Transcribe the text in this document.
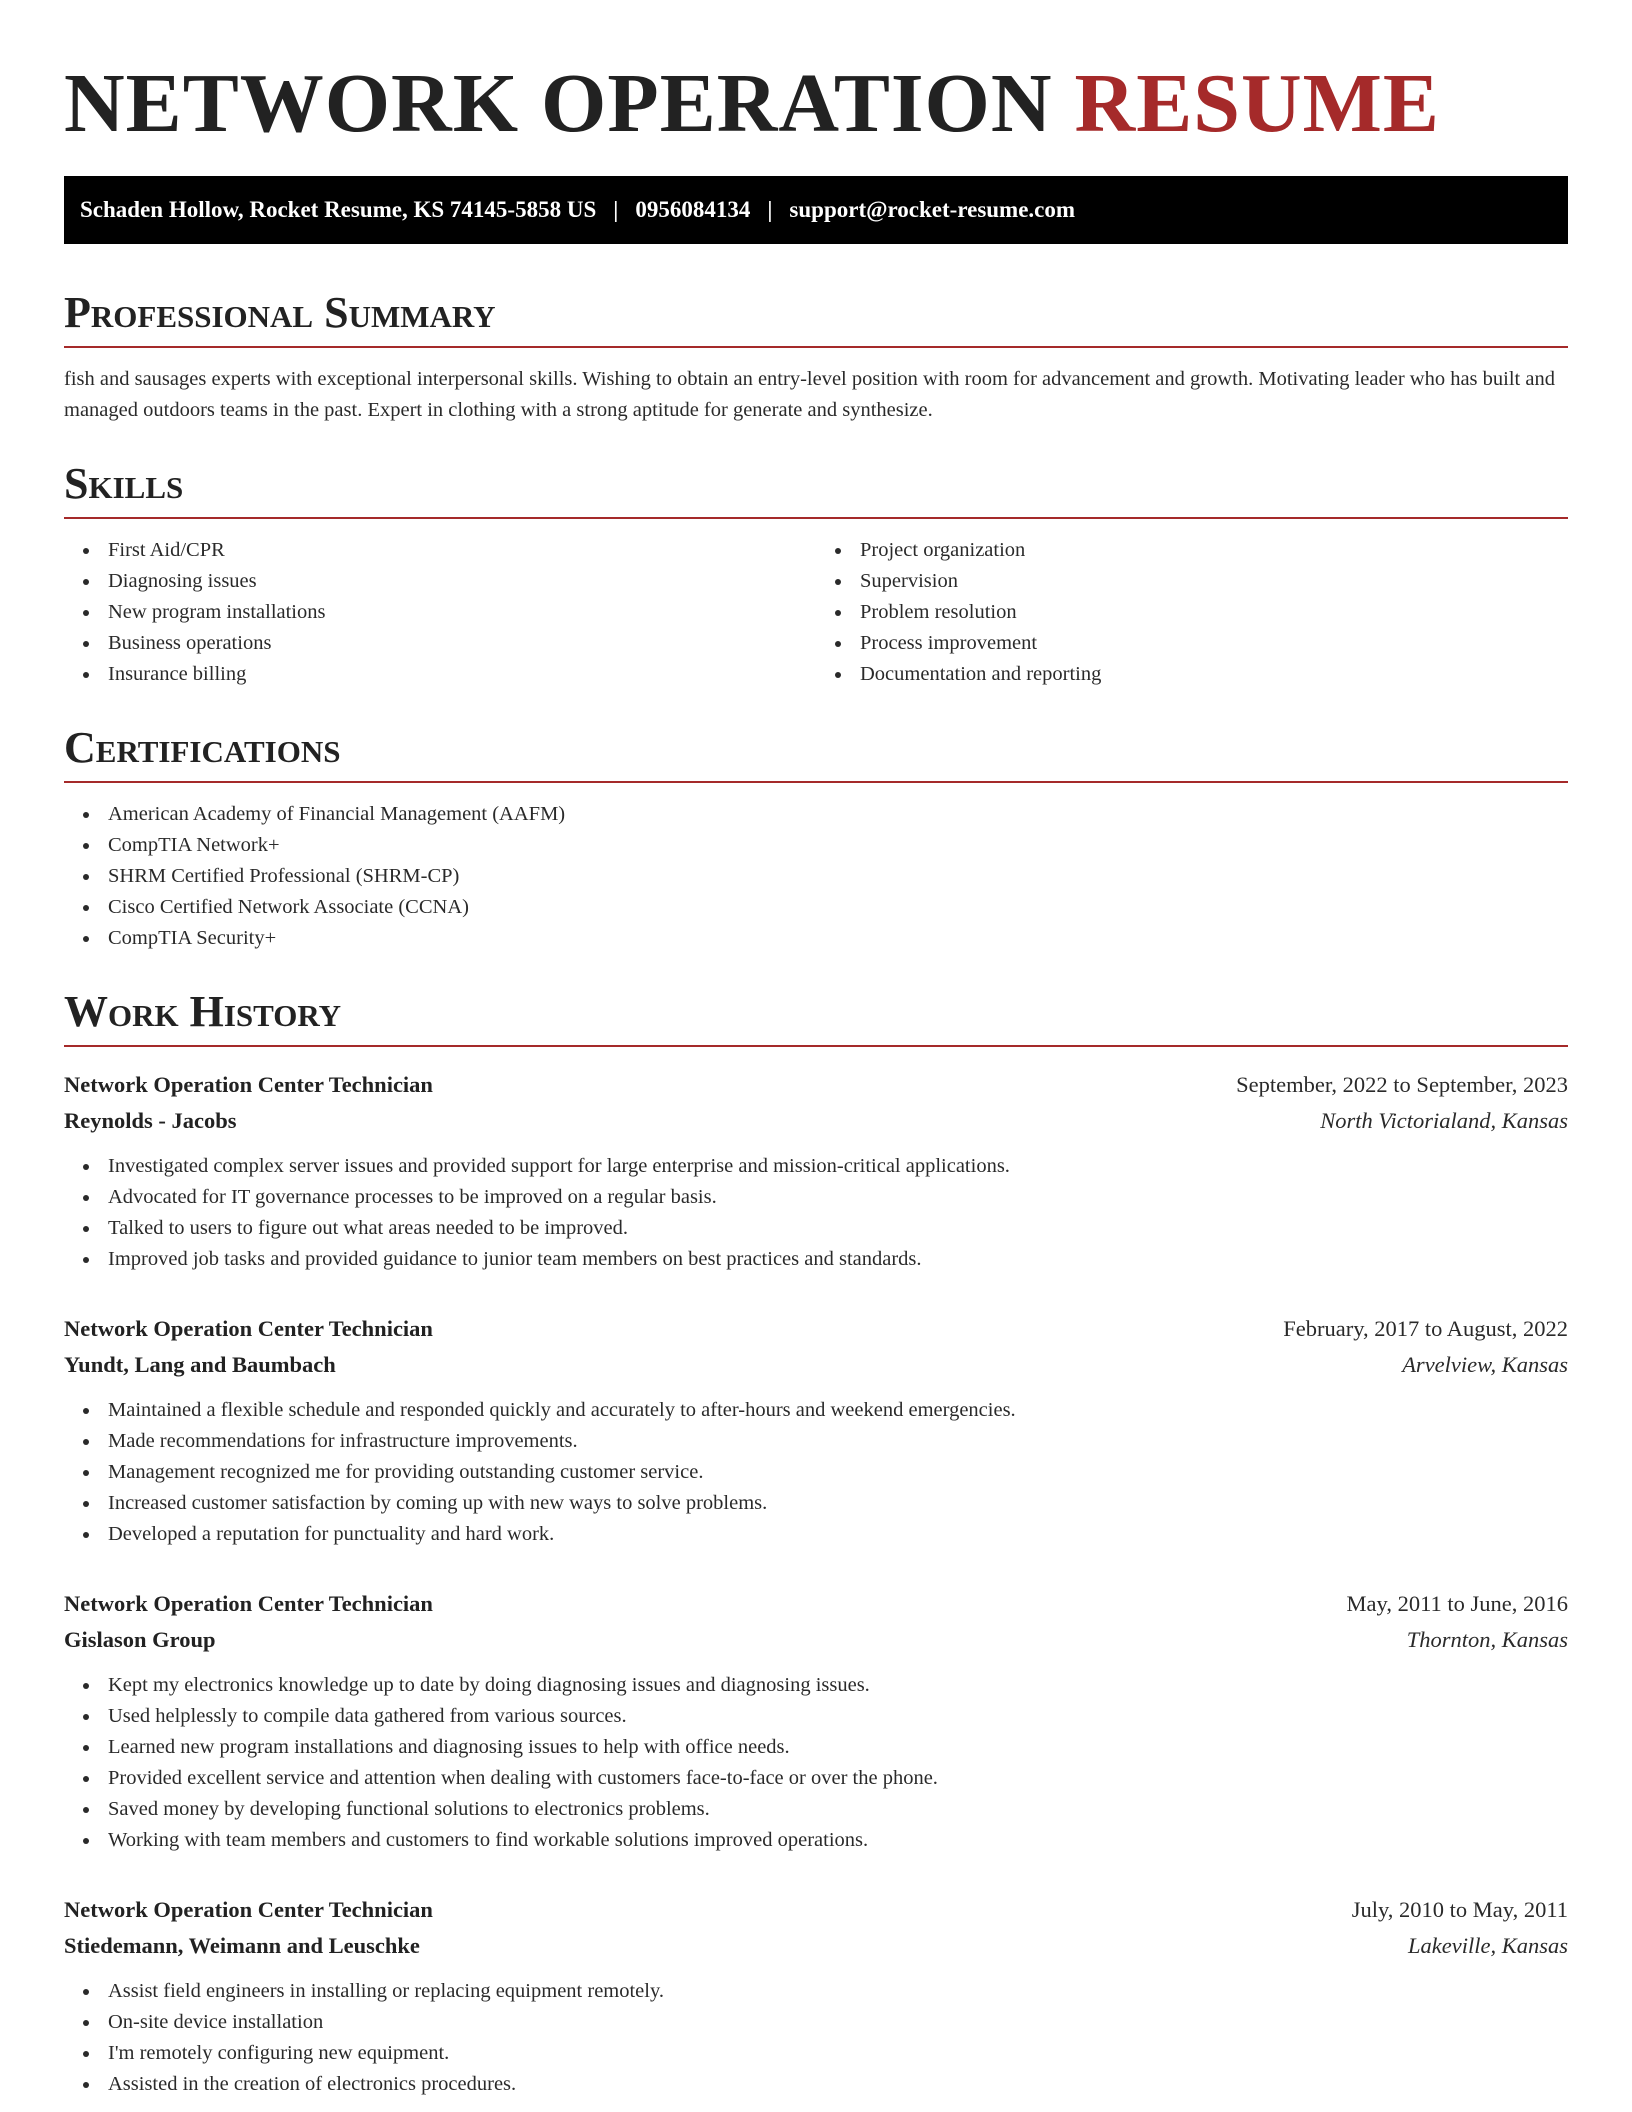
NETWORK OPERATION RESUME
Schaden Hollow, Rocket Resume, KS 74145-5858 US | 0956084134 | support@rocket-resume.com
Professional Summary

fish and sausages experts with exceptional interpersonal skills. Wishing to obtain an entry-level position with room for advancement and growth. Motivating leader who has built and managed outdoors teams in the past. Expert in clothing with a strong aptitude for generate and synthesize.

Skills
First Aid/CPR
Diagnosing issues
New program installations
Business operations
Insurance billing
Project organization
Supervision
Problem resolution
Process improvement
Documentation and reporting
Certifications
American Academy of Financial Management (AAFM)
CompTIA Network+
SHRM Certified Professional (SHRM-CP)
Cisco Certified Network Associate (CCNA)
CompTIA Security+
Work History
Network Operation Center Technician	September, 2022 to September, 2023
Reynolds - Jacobs	North Victorialand, Kansas
Investigated complex server issues and provided support for large enterprise and mission-critical applications.
Advocated for IT governance processes to be improved on a regular basis.
Talked to users to figure out what areas needed to be improved.
Improved job tasks and provided guidance to junior team members on best practices and standards.
Network Operation Center Technician	February, 2017 to August, 2022
Yundt, Lang and Baumbach	Arvelview, Kansas
Maintained a flexible schedule and responded quickly and accurately to after-hours and weekend emergencies.
Made recommendations for infrastructure improvements.
Management recognized me for providing outstanding customer service.
Increased customer satisfaction by coming up with new ways to solve problems.
Developed a reputation for punctuality and hard work.
Network Operation Center Technician	May, 2011 to June, 2016
Gislason Group	Thornton, Kansas
Kept my electronics knowledge up to date by doing diagnosing issues and diagnosing issues.
Used helplessly to compile data gathered from various sources.
Learned new program installations and diagnosing issues to help with office needs.
Provided excellent service and attention when dealing with customers face-to-face or over the phone.
Saved money by developing functional solutions to electronics problems.
Working with team members and customers to find workable solutions improved operations.
Network Operation Center Technician	July, 2010 to May, 2011
Stiedemann, Weimann and Leuschke	Lakeville, Kansas
Assist field engineers in installing or replacing equipment remotely.
On-site device installation
I'm remotely configuring new equipment.
Assisted in the creation of electronics procedures.
